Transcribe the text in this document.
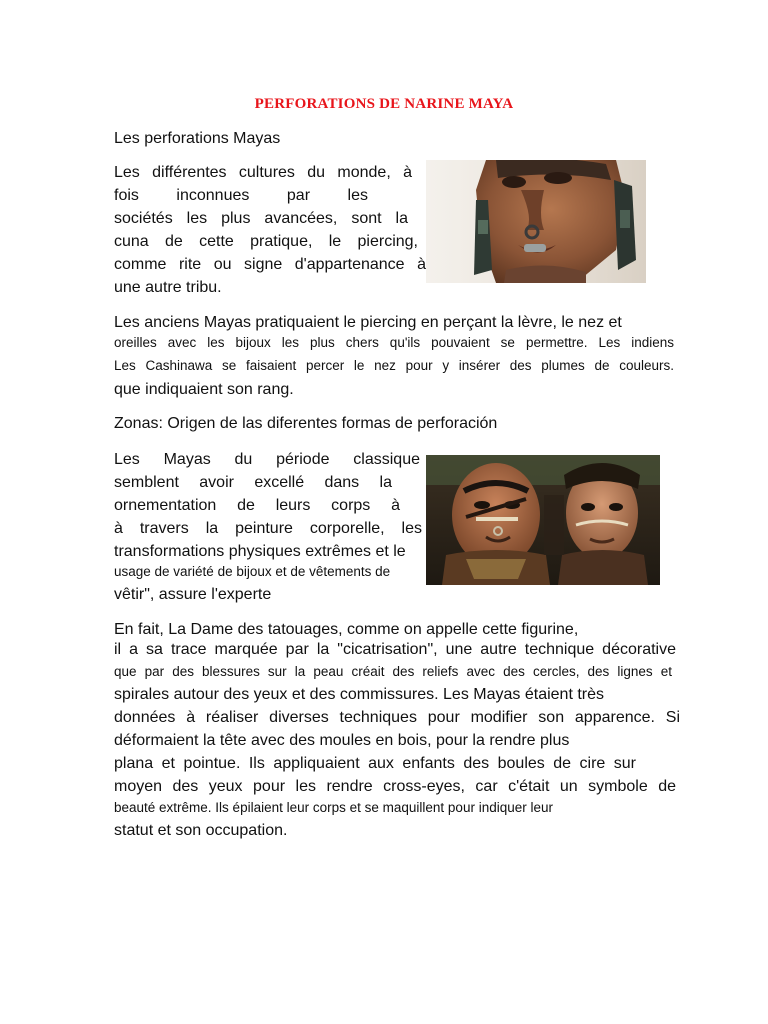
PERFORATIONS DE NARINE MAYA
Les perforations Mayas
Les différentes cultures du monde, à
fois inconnues par les
sociétés les plus avancées, sont la
cuna de cette pratique, le piercing,
comme rite ou signe d'appartenance à
une autre tribu.
Les anciens Mayas pratiquaient le piercing en perçant la lèvre, le nez et
oreilles avec les bijoux les plus chers qu'ils pouvaient se permettre. Les indiens
Les Cashinawa se faisaient percer le nez pour y insérer des plumes de couleurs.
que indiquaient son rang.
Zonas: Origen de las diferentes formas de perforación
Les Mayas du période classique
semblent avoir excellé dans la
ornementation de leurs corps à
à travers la peinture corporelle, les
transformations physiques extrêmes et le
usage de variété de bijoux et de vêtements de
vêtir", assure l'experte
En fait, La Dame des tatouages, comme on appelle cette figurine,
il a sa trace marquée par la "cicatrisation", une autre technique décorative
que par des blessures sur la peau créait des reliefs avec des cercles, des lignes et
spirales autour des yeux et des commissures. Les Mayas étaient très
données à réaliser diverses techniques pour modifier son apparence. Si
déformaient la tête avec des moules en bois, pour la rendre plus
plana et pointue. Ils appliquaient aux enfants des boules de cire sur
moyen des yeux pour les rendre cross-eyes, car c'était un symbole de
beauté extrême. Ils épilaient leur corps et se maquillent pour indiquer leur
statut et son occupation.
